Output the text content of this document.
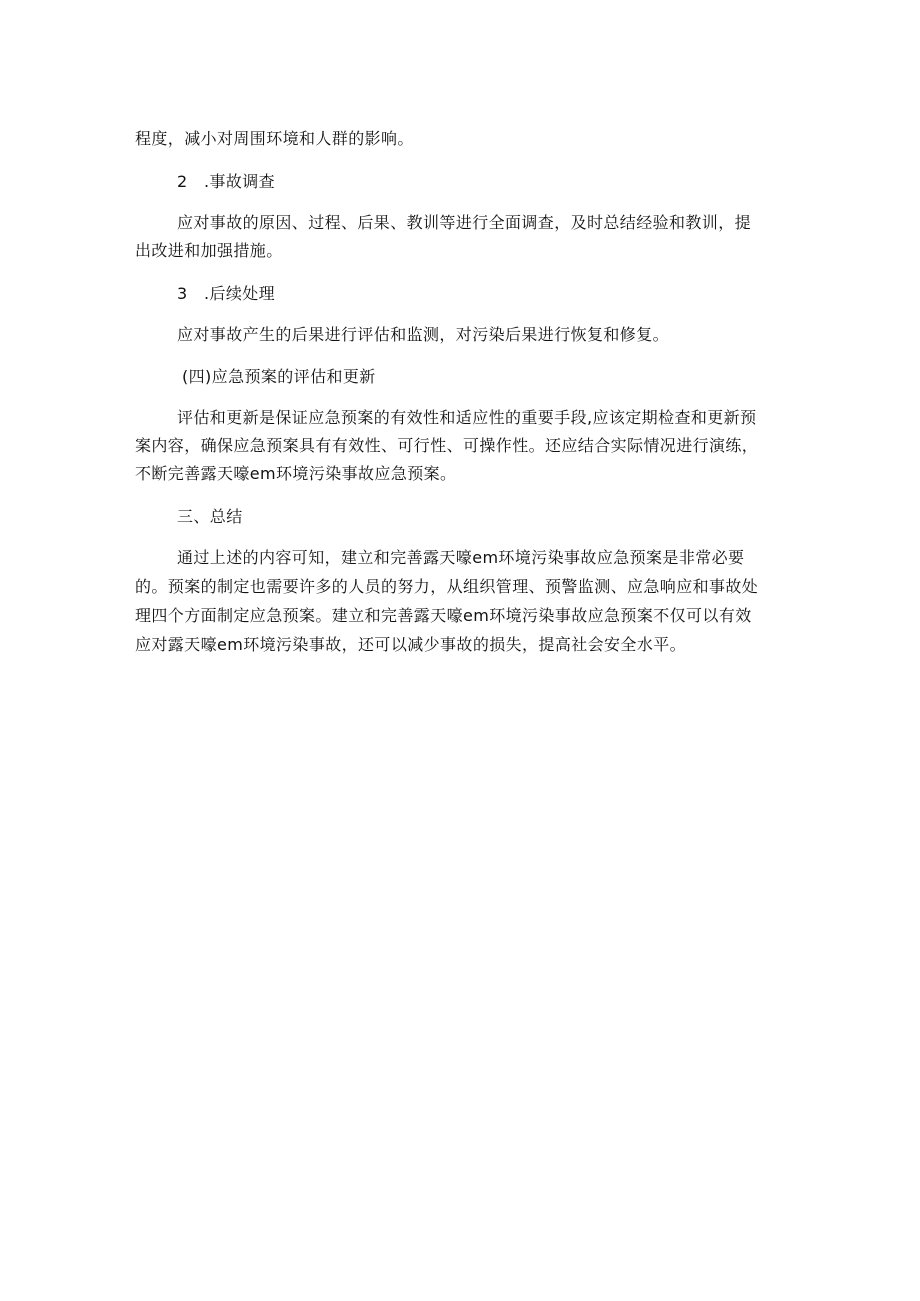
程度，减小对周围环境和人群的影响。
2　.事故调查
应对事故的原因、过程、后果、教训等进行全面调查，及时总结经验和教训，提
出改进和加强措施。
3　.后续处理
应对事故产生的后果进行评估和监测，对污染后果进行恢复和修复。
(四)应急预案的评估和更新
评估和更新是保证应急预案的有效性和适应性的重要手段,应该定期检查和更新预
案内容，确保应急预案具有有效性、可行性、可操作性。还应结合实际情况进行演练，
不断完善露天嚎em环境污染事故应急预案。
三、总结
通过上述的内容可知，建立和完善露天嚎em环境污染事故应急预案是非常必要
的。预案的制定也需要许多的人员的努力，从组织管理、预警监测、应急响应和事故处
理四个方面制定应急预案。建立和完善露天嚎em环境污染事故应急预案不仅可以有效
应对露天嚎em环境污染事故，还可以减少事故的损失，提高社会安全水平。
